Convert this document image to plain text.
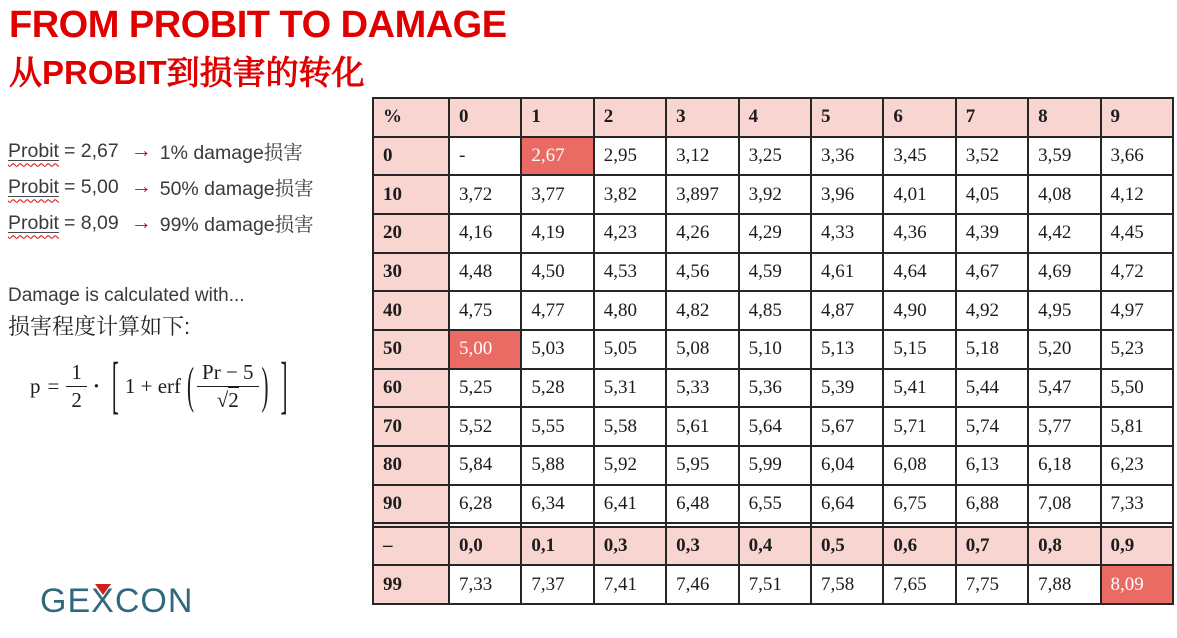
FROM PROBIT TO DAMAGE
从PROBIT到损害的转化
Probit = 2,67 → 1% damage损害
Probit = 5,00 → 50% damage损害
Probit = 8,09 → 99% damage损害
Damage is calculated with...
损害程度计算如下:
$p = \frac{1}{2}$ · [ 1 + erf ( $\frac{Pr - 5}{√2}$ ) ]
%	0	1	2	3	4	5	6	7	8	9
0	-	2,67	2,95	3,12	3,25	3,36	3,45	3,52	3,59	3,66
10	3,72	3,77	3,82	3,897	3,92	3,96	4,01	4,05	4,08	4,12
20	4,16	4,19	4,23	4,26	4,29	4,33	4,36	4,39	4,42	4,45
30	4,48	4,50	4,53	4,56	4,59	4,61	4,64	4,67	4,69	4,72
40	4,75	4,77	4,80	4,82	4,85	4,87	4,90	4,92	4,95	4,97
50	5,00	5,03	5,05	5,08	5,10	5,13	5,15	5,18	5,20	5,23
60	5,25	5,28	5,31	5,33	5,36	5,39	5,41	5,44	5,47	5,50
70	5,52	5,55	5,58	5,61	5,64	5,67	5,71	5,74	5,77	5,81
80	5,84	5,88	5,92	5,95	5,99	6,04	6,08	6,13	6,18	6,23
90	6,28	6,34	6,41	6,48	6,55	6,64	6,75	6,88	7,08	7,33

–	0,0	0,1	0,3	0,3	0,4	0,5	0,6	0,7	0,8	0,9
99	7,33	7,37	7,41	7,46	7,51	7,58	7,65	7,75	7,88	8,09
GE
XCON
